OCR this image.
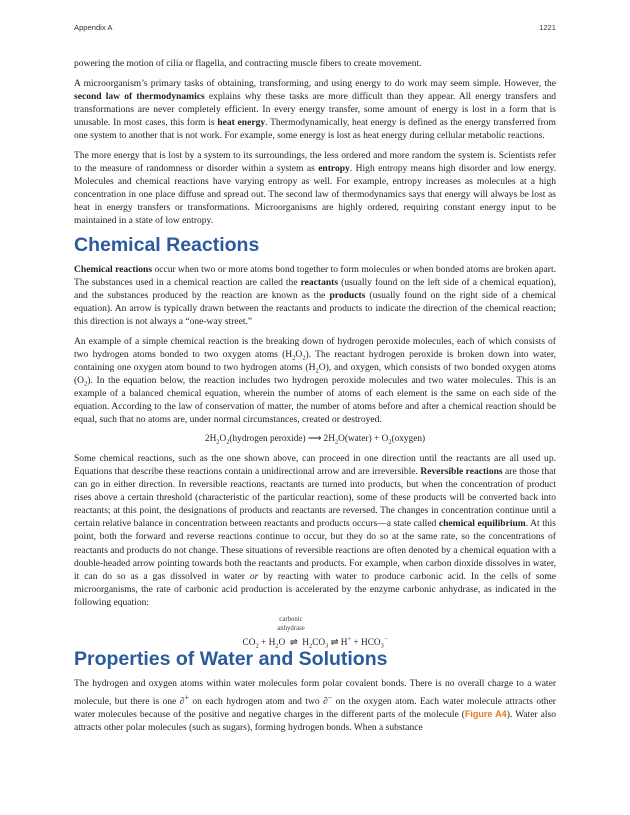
Appendix A	1221

powering the motion of cilia or flagella, and contracting muscle fibers to create movement.

A microorganism’s primary tasks of obtaining, transforming, and using energy to do work may seem simple. However, the second law of thermodynamics explains why these tasks are more difficult than they appear. All energy transfers and transformations are never completely efficient. In every energy transfer, some amount of energy is lost in a form that is unusable. In most cases, this form is heat energy. Thermodynamically, heat energy is defined as the energy transferred from one system to another that is not work. For example, some energy is lost as heat energy during cellular metabolic reactions.

The more energy that is lost by a system to its surroundings, the less ordered and more random the system is. Scientists refer to the measure of randomness or disorder within a system as entropy. High entropy means high disorder and low energy. Molecules and chemical reactions have varying entropy as well. For example, entropy increases as molecules at a high concentration in one place diffuse and spread out. The second law of thermodynamics says that energy will always be lost as heat in energy transfers or transformations. Microorganisms are highly ordered, requiring constant energy input to be maintained in a state of low entropy.

Chemical Reactions

Chemical reactions occur when two or more atoms bond together to form molecules or when bonded atoms are broken apart. The substances used in a chemical reaction are called the reactants (usually found on the left side of a chemical equation), and the substances produced by the reaction are known as the products (usually found on the right side of a chemical equation). An arrow is typically drawn between the reactants and products to indicate the direction of the chemical reaction; this direction is not always a “one-way street.”

An example of a simple chemical reaction is the breaking down of hydrogen peroxide molecules, each of which consists of two hydrogen atoms bonded to two oxygen atoms $(H_2O_2)$. The reactant hydrogen peroxide is broken down into water, containing one oxygen atom bound to two hydrogen atoms $(H_2O)$, and oxygen, which consists of two bonded oxygen atoms $(O_2)$. In the equation below, the reaction includes two hydrogen peroxide molecules and two water molecules. This is an example of a balanced chemical equation, wherein the number of atoms of each element is the same on each side of the equation. According to the law of conservation of matter, the number of atoms before and after a chemical reaction should be equal, such that no atoms are, under normal circumstances, created or destroyed.

$2H_2O_2(hydrogen$ peroxide) ⟶ $2H_2O(water)$ + $O_2(oxygen)$

Some chemical reactions, such as the one shown above, can proceed in one direction until the reactants are all used up. Equations that describe these reactions contain a unidirectional arrow and are irreversible. Reversible reactions are those that can go in either direction. In reversible reactions, reactants are turned into products, but when the concentration of product rises above a certain threshold (characteristic of the particular reaction), some of these products will be converted back into reactants; at this point, the designations of products and reactants are reversed. The changes in concentration continue until a certain relative balance in concentration between reactants and products occurs—a state called chemical equilibrium. At this point, both the forward and reverse reactions continue to occur, but they do so at the same rate, so the concentrations of reactants and products do not change. These situations of reversible reactions are often denoted by a chemical equation with a double-headed arrow pointing towards both the reactants and products. For example, when carbon dioxide dissolves in water, it can do so as a gas dissolved in water or by reacting with water to produce carbonic acid. In the cells of some microorganisms, the rate of carbonic acid production is accelerated by the enzyme carbonic anhydrase, as indicated in the following equation:

carbonic anhydrase
$CO_2 + H_2O$  ⇌  $H_2CO_3$ ⇌ $H^+ + HCO_3^-$
Properties of Water and Solutions

The hydrogen and oxygen atoms within water molecules form polar covalent bonds. There is no overall charge to a water molecule, but there is one ∂+ on each hydrogen atom and two ∂− on the oxygen atom. Each water molecule attracts other water molecules because of the positive and negative charges in the different parts of the molecule (Figure A4). Water also attracts other polar molecules (such as sugars), forming hydrogen bonds. When a substance
